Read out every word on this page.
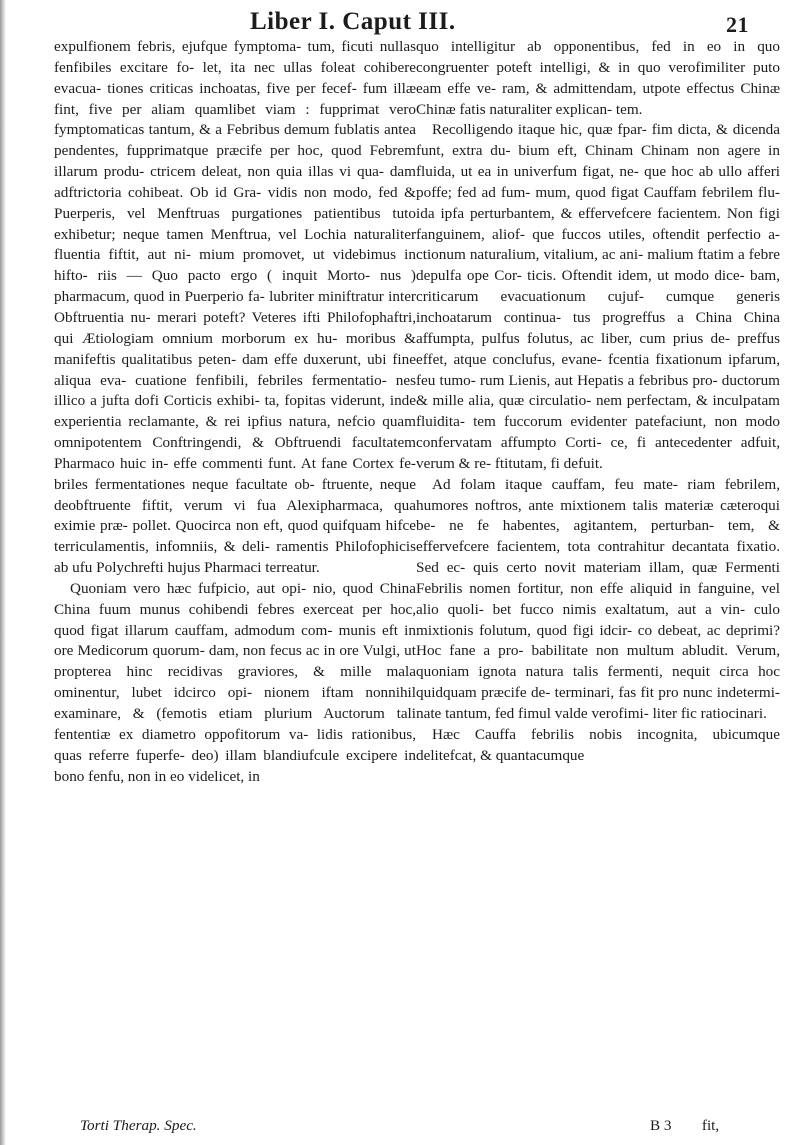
Liber I. Caput III.	21

expulfionem febris, ejufque fymptoma- tum, ficuti nullas fenfibiles excitare fo- let, ita nec ullas foleat cohibere evacua- tiones criticas inchoatas, five per fecef- fum illæ fint, five per aliam quamlibet viam : fupprimat vero fymptomaticas tantum, & a Febribus demum fublatis antea pendentes, fupprimatque præcife per hoc, quod Febrem illarum produ- ctricem deleat, non quia illas vi qua- dam adftrictoria cohibeat. Ob id Gra- vidis non modo, fed & Puerperis, vel Menftruas purgationes patientibus tuto exhibetur; neque tamen Menftrua, vel Lochia naturaliter fluentia fiftit, aut ni- mium promovet, ut videbimus in hifto- riis — Quo pacto ergo ( inquit Morto- nus ) pharmacum, quod in Puerperio fa- lubriter miniftratur inter Obftruentia nu- merari poteft? Veteres ifti Philofophaftri, qui Ætiologiam omnium morborum ex hu- moribus & manifeftis qualitatibus peten- dam effe duxerunt, ubi fine aliqua eva- cuatione fenfibili, febriles fermentatio- nes illico a jufta dofi Corticis exhibi- ta, fopitas viderunt, inde experientia reclamante, & rei ipfius natura, nefcio quam omnipotentem Conftringendi, & Obftruendi facultatem Pharmaco huic in- effe commenti funt. At fane Cortex fe- briles fermentationes neque facultate ob- ftruente, neque deobftruente fiftit, verum vi fua Alexipharmaca, qua eximie præ- pollet. Quocirca non eft, quod quifquam hifce terriculamentis, infomniis, & deli- ramentis Philofophicis ab ufu Polychrefti hujus Pharmaci terreatur.

Quoniam vero hæc fufpicio, aut opi- nio, quod China China fuum munus cohibendi febres exerceat per hoc, quod figat illarum cauffam, admodum com- munis eft in ore Medicorum quorum- dam, non fecus ac in ore Vulgi, ut propterea hinc recidivas graviores, & mille mala ominentur, lubet idcirco opi- nionem iftam nonnihil examinare, & (femotis etiam plurium Auctorum tali fententiæ ex diametro oppofitorum va- lidis rationibus, quas referre fuperfe- deo) illam blandiufcule excipere in bono fenfu, non in eo videlicet, in

quo intelligitur ab opponentibus, fed in eo in quo congruenter poteft intelligi, & in quo verofimiliter puto eam effe ve- ram, & admittendam, utpote effectus Chinæ Chinæ fatis naturaliter explican- tem.

Recolligendo itaque hic, quæ fpar- fim dicta, & dicenda funt, extra du- bium eft, Chinam Chinam non agere in fluida, ut ea in univerfum figat, ne- que hoc ab ullo afferi poffe; fed ad fum- mum, quod figat Cauffam febrilem flu- ida ipfa perturbantem, & effervefcere facientem. Non figi fanguinem, aliof- que fuccos utiles, oftendit perfectio a- ctionum naturalium, vitalium, ac ani- malium ftatim a febre depulfa ope Cor- ticis. Oftendit idem, ut modo dice- bam, criticarum evacuationum cujuf- cumque generis inchoatarum continua- tus progreffus a China China affumpta, pulfus folutus, ac liber, cum prius de- preffus effet, atque conclufus, evane- fcentia fixationum ipfarum, feu tumo- rum Lienis, aut Hepatis a febribus pro- ductorum & mille alia, quæ circulatio- nem perfectam, & inculpatam fluidita- tem fuccorum evidenter patefaciunt, non modo confervatam affumpto Corti- ce, fi antecedenter adfuit, verum & re- ftitutam, fi defuit.

Ad folam itaque cauffam, feu mate- riam febrilem, humores noftros, ante mixtionem talis materiæ cæteroqui be- ne fe habentes, agitantem, perturban- tem, & effervefcere facientem, tota contrahitur decantata fixatio. Sed ec- quis certo novit materiam illam, quæ Fermenti Febrilis nomen fortitur, non effe aliquid in fanguine, vel alio quoli- bet fucco nimis exaltatum, aut a vin- culo mixtionis folutum, quod figi idcir- co debeat, ac deprimi? Hoc fane a pro- babilitate non multum abludit. Verum, quoniam ignota natura talis fermenti, nequit circa hoc quidquam præcife de- terminari, fas fit pro nunc indetermi- nate tantum, fed fimul valde verofimi- liter fic ratiocinari.

Hæc Cauffa febrilis nobis incognita, ubicumque delitefcat, & quantacumque

Torti Therap. Spec.	B 3 fit,
